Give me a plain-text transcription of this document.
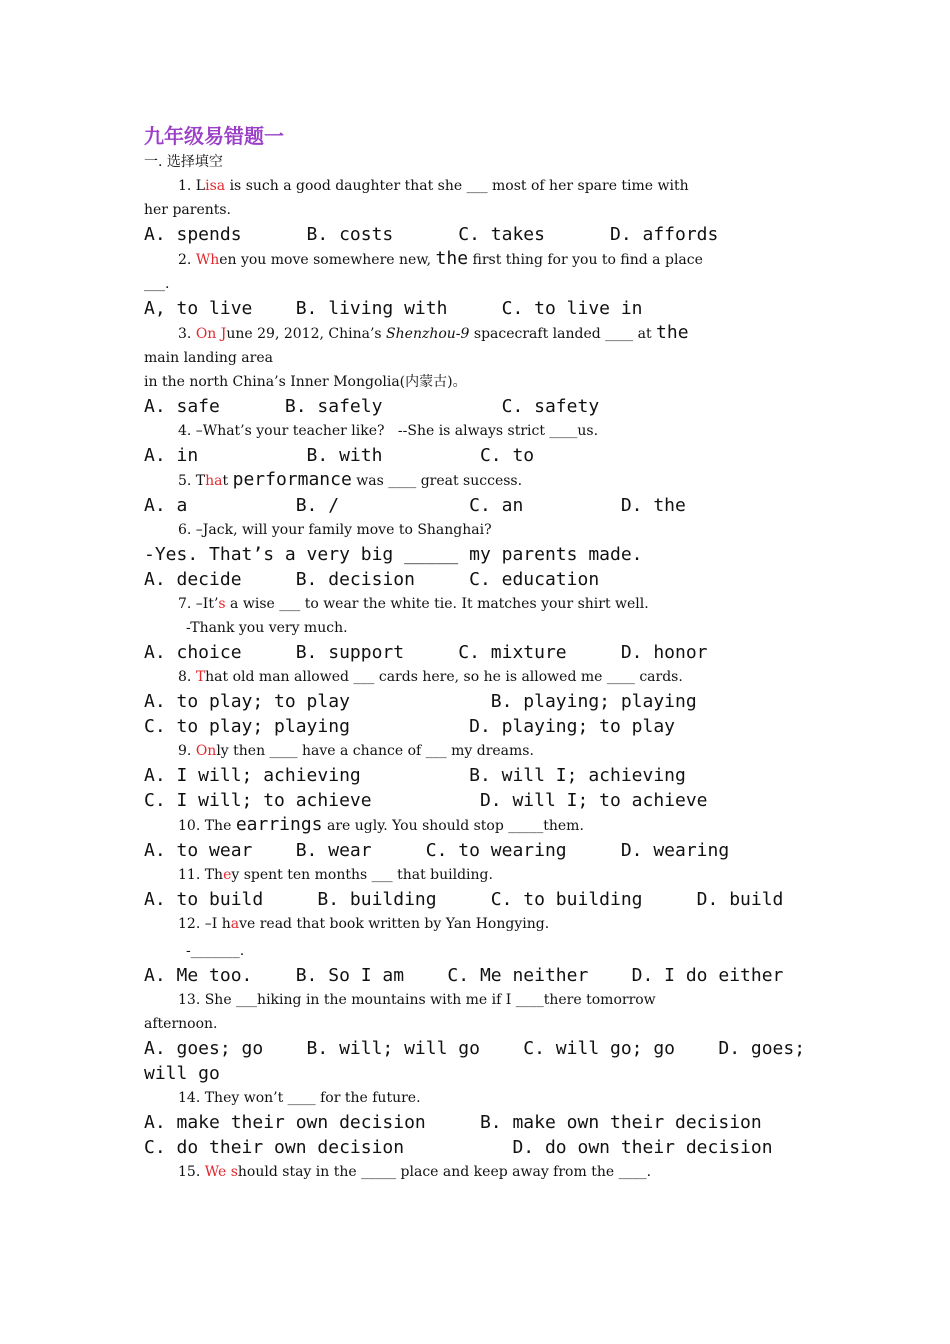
九年级易错题一
一. 选择填空

1. Lisa is such a good daughter that she ___ most of her spare time with

her parents.

A. spends      B. costs      C. takes      D. affords

2. When you move somewhere new, the first thing for you to find a place

___.

A, to live    B. living with     C. to live in

3. On June 29, 2012, China’s Shenzhou-9 spacecraft landed ____ at the

main landing area

in the north China’s Inner Mongolia(内蒙古)。

A. safe      B. safely           C. safety

4. –What’s your teacher like?   --She is always strict ____us.

A. in          B. with         C. to

5. That performance was ____ great success.

A. a          B. /            C. an         D. the

6. –Jack, will your family move to Shanghai?

-Yes. That’s a very big _____ my parents made.

A. decide     B. decision     C. education

7. –It’s a wise ___ to wear the white tie. It matches your shirt well.

-Thank you very much.

A. choice     B. support     C. mixture     D. honor

8. That old man allowed ___ cards here, so he is allowed me ____ cards.

A. to play; to play             B. playing; playing

C. to play; playing           D. playing; to play

9. Only then ____ have a chance of ___ my dreams.

A. I will; achieving          B. will I; achieving

C. I will; to achieve          D. will I; to achieve

10. The earrings are ugly. You should stop _____them.

A. to wear    B. wear     C. to wearing     D. wearing

11. They spent ten months ___ that building.

A. to build     B. building     C. to building     D. build

12. –I have read that book written by Yan Hongying.

-_______.

A. Me too.    B. So I am    C. Me neither    D. I do either

13. She ___hiking in the mountains with me if I ____there tomorrow

afternoon.

A. goes; go    B. will; will go    C. will go; go    D. goes;

will go

14. They won’t ____ for the future.

A. make their own decision     B. make own their decision

C. do their own decision          D. do own their decision

15. We should stay in the _____ place and keep away from the ____.
